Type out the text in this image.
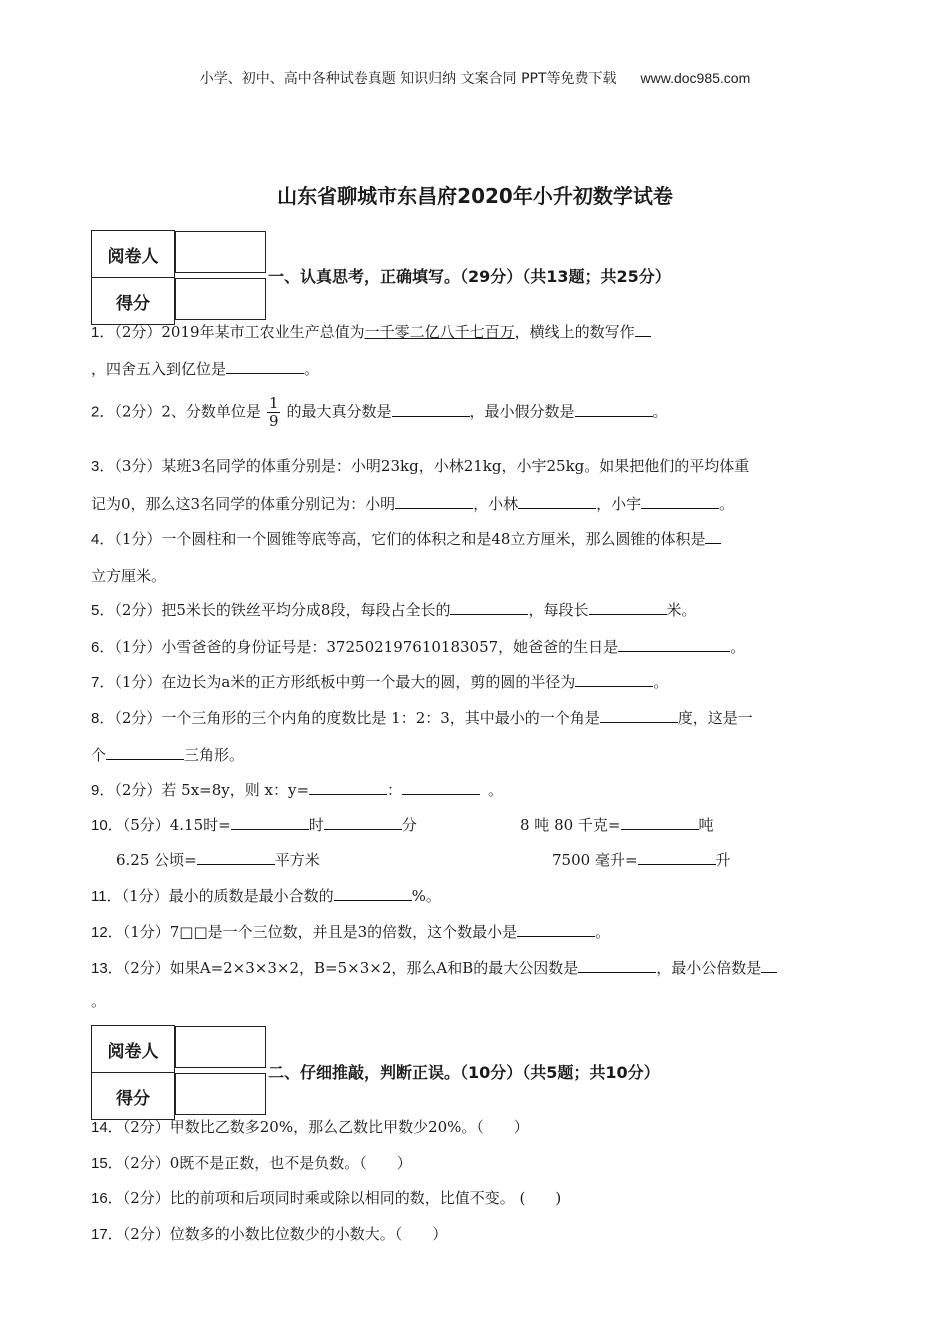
小学、初中、高中各种试卷真题 知识归纳 文案合同 PPT等免费下载 www.doc985.com
山东省聊城市东昌府2020年小升初数学试卷
阅卷人	
得分	
一、认真思考，正确填写。（29分）（共13题；共25分）
1．（2分）2019年某市工农业生产总值为一千零二亿八千七百万，横线上的数写作
，四舍五入到亿位是	。
2．（2分）2、分数单位是 $\frac{1}{9}$ 的最大真分数是	，最小假分数是	。
3．（3分）某班3名同学的体重分别是：小明23kg，小林21kg，小宇25kg。如果把他们的平均体重
记为0，那么这3名同学的体重分别记为：小明	，小林	，小宇	。
4．（1分）一个圆柱和一个圆锥等底等高，它们的体积之和是48立方厘米，那么圆锥的体积是
立方厘米。
5．（2分）把5米长的铁丝平均分成8段，每段占全长的	，每段长	米。
6．（1分）小雪爸爸的身份证号是：372502197610183057，她爸爸的生日是	。
7．（1分）在边长为a米的正方形纸板中剪一个最大的圆，剪的圆的半径为	。
8．（2分）一个三角形的三个内角的度数比是 1：2：3，其中最小的一个角是	度，这是一
个	三角形。
9．（2分）若 5x=8y，则 x：y=	：	。
10．（5分）4.15时=	时	分	8 吨 80 千克=	吨
6.25 公顷=	平方米	7500 毫升=	升
11．（1分）最小的质数是最小合数的	%。
12．（1分）7□□是一个三位数，并且是3的倍数，这个数最小是	。
13．（2分）如果A=2×3×3×2，B=5×3×2，那么A和B的最大公因数是	，最小公倍数是
。
阅卷人	
得分	
二、仔细推敲，判断正误。（10分）（共5题；共10分）
14．（2分）甲数比乙数多20%，那么乙数比甲数少20%。（　　）
15．（2分）0既不是正数，也不是负数。（　　）
16．（2分）比的前项和后项同时乘或除以相同的数，比值不变。 (　　)
17．（2分）位数多的小数比位数少的小数大。（　　）
